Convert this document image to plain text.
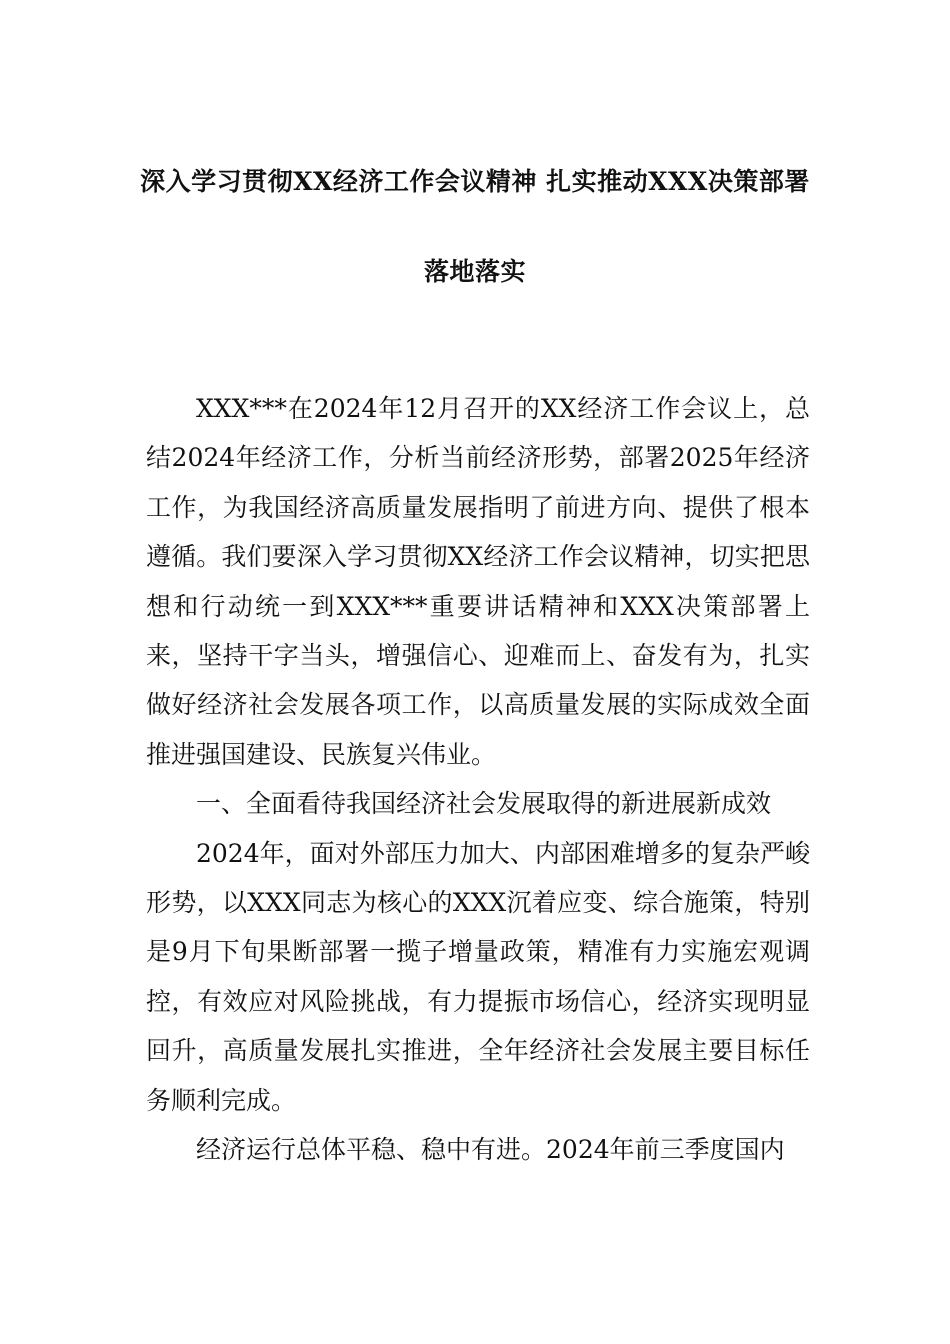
深入学习贯彻XX经济工作会议精神 扎实推动XXX决策部署
落地落实

XXX***在2024年12月召开的XX经济工作会议上，总结2024年经济工作，分析当前经济形势，部署2025年经济工作，为我国经济高质量发展指明了前进方向、提供了根本遵循。我们要深入学习贯彻XX经济工作会议精神，切实把思想和行动统一到XXX***重要讲话精神和XXX决策部署上来，坚持干字当头，增强信心、迎难而上、奋发有为，扎实做好经济社会发展各项工作，以高质量发展的实际成效全面推进强国建设、民族复兴伟业。

一、全面看待我国经济社会发展取得的新进展新成效

2024年，面对外部压力加大、内部困难增多的复杂严峻形势，以XXX同志为核心的XXX沉着应变、综合施策，特别是9月下旬果断部署一揽子增量政策，精准有力实施宏观调控，有效应对风险挑战，有力提振市场信心，经济实现明显回升，高质量发展扎实推进，全年经济社会发展主要目标任务顺利完成。

经济运行总体平稳、稳中有进。2024年前三季度国内
